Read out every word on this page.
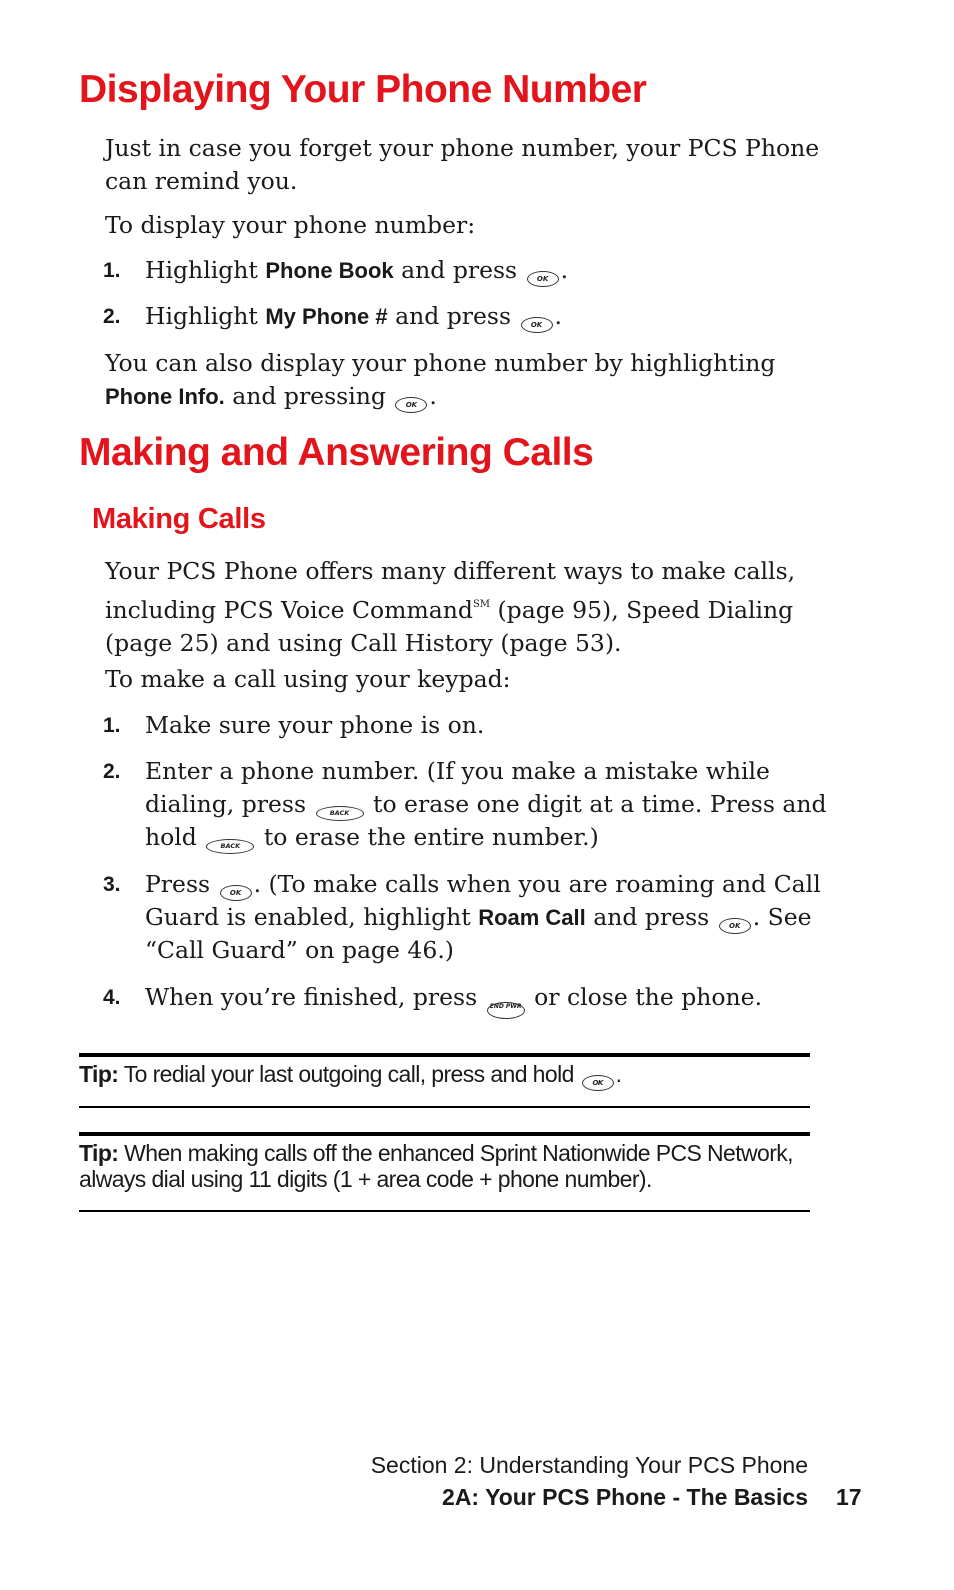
Displaying Your Phone Number

Just in case you forget your phone number, your PCS Phone can remind you.

To display your phone number:

1. Highlight Phone Book and press	OK .
2. Highlight My Phone # and press	OK .

You can also display your phone number by highlighting
Phone Info. and pressing	OK .

Making and Answering Calls
Making Calls

Your PCS Phone offers many different ways to make calls, including PCS Voice Command℠ (page 95), Speed Dialing (page 25) and using Call History (page 53).

To make a call using your keypad:

1. Make sure your phone is on.
2. Enter a phone number. (If you make a mistake while dialing, press	BACK to erase one digit at a time. Press and hold	BACK to erase the entire number.)
3. Press	OK . (To make calls when you are roaming and Call Guard is enabled, highlight Roam Call and press	OK . See “Call Guard” on page 46.)
4. When you’re finished, press END PWR or close the phone.

Tip: To redial your last outgoing call, press and hold	OK .

Tip: When making calls off the enhanced Sprint Nationwide PCS Network, always dial using 11 digits (1 + area code + phone number).

Section 2: Understanding Your PCS Phone

2A: Your PCS Phone - The Basics 17
